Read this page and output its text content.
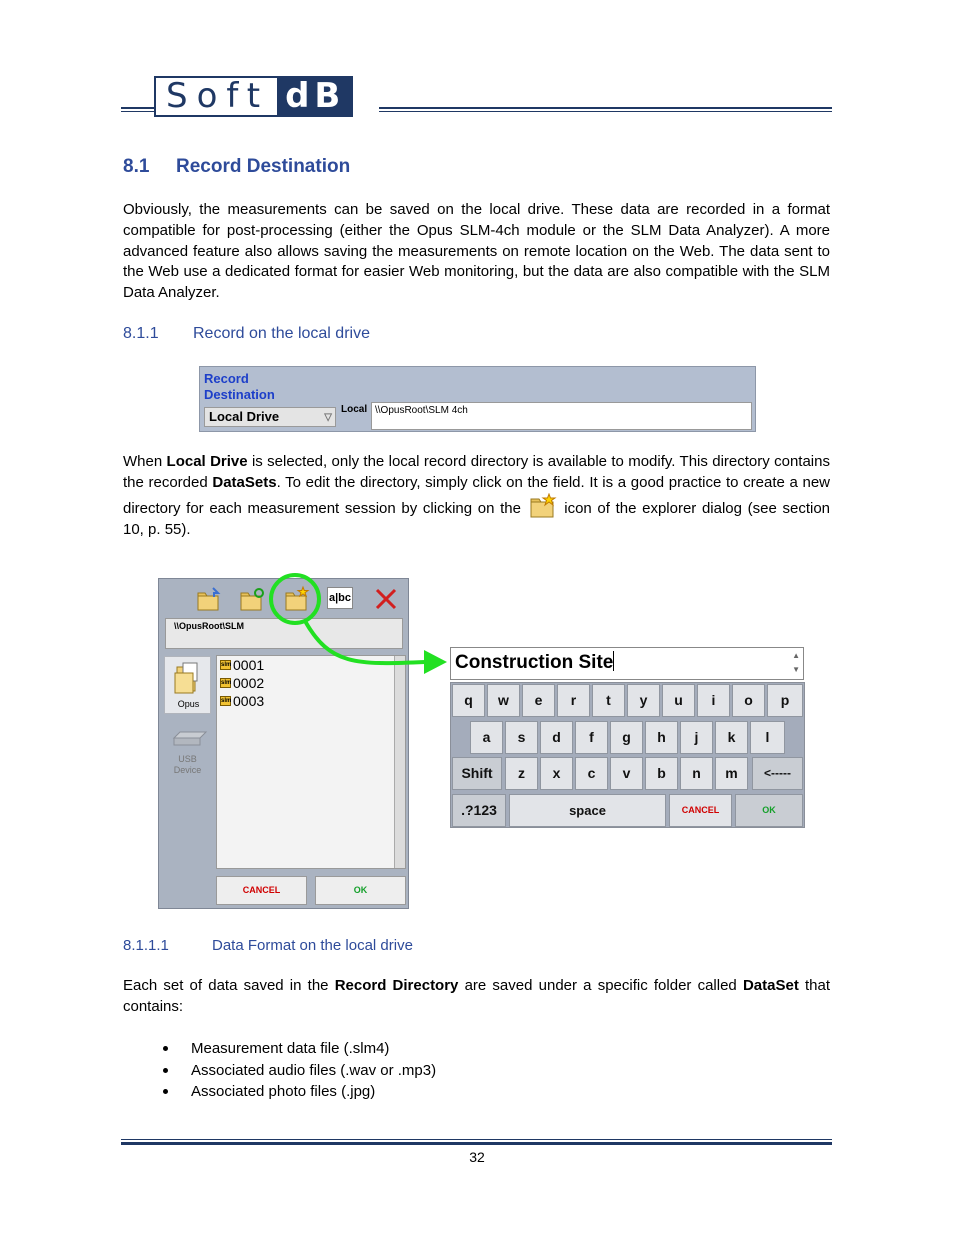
Soft dB
8.1 Record Destination
Obviously, the measurements can be saved on the local drive. These data are recorded in a format compatible for post-processing (either the Opus SLM-4ch module or the SLM Data Analyzer). A more advanced feature also allows saving the measurements on remote location on the Web. The data sent to the Web use a dedicated format for easier Web monitoring, but the data are also compatible with the SLM Data Analyzer.
8.1.1 Record on the local drive
Record
Destination
Local Drive	▽
Local \\OpusRoot\SLM 4ch
When Local Drive is selected, only the local record directory is available to modify. This directory contains the recorded DataSets. To edit the directory, simply click on the field. It is a good practice to create a new directory for each measurement session by clicking on the  icon of the explorer dialog (see section 10, p. 55).
a|bc
\\OpusRoot\SLM
Opus
USB
Device
slm 0001
slm 0002
slm 0003
CANCEL	OK
Construction Site	▲
▼
q	w	e	r	t	y	u	i	o	p
a	s	d	f	g	h	j	k	l
Shift	z	x	c	v	b	n	m	<-----
.?123	space	CANCEL	OK
8.1.1.1	Data Format on the local drive
Each set of data saved in the Record Directory are saved under a specific folder called DataSet that contains:
Measurement data file (.slm4)
Associated audio files (.wav or .mp3)
Associated photo files (.jpg)
32
